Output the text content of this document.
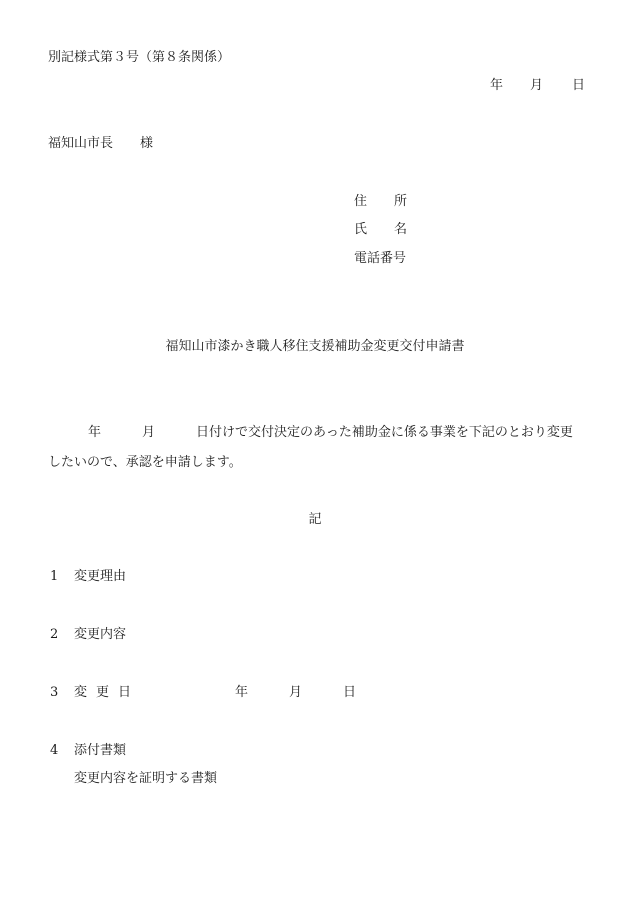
別記様式第３号（第８条関係）
年 月 日
福知山市長 様
住 所
氏 名
電話番号
福知山市漆かき職人移住支援補助金変更交付申請書
年	月	日付けで交付決定のあった補助金に係る事業を下記のとおり変更
したいので、承認を申請します。
記
1 変更理由
2 変更内容
3 変 更 日	年	月	日
4 添付書類
変更内容を証明する書類
